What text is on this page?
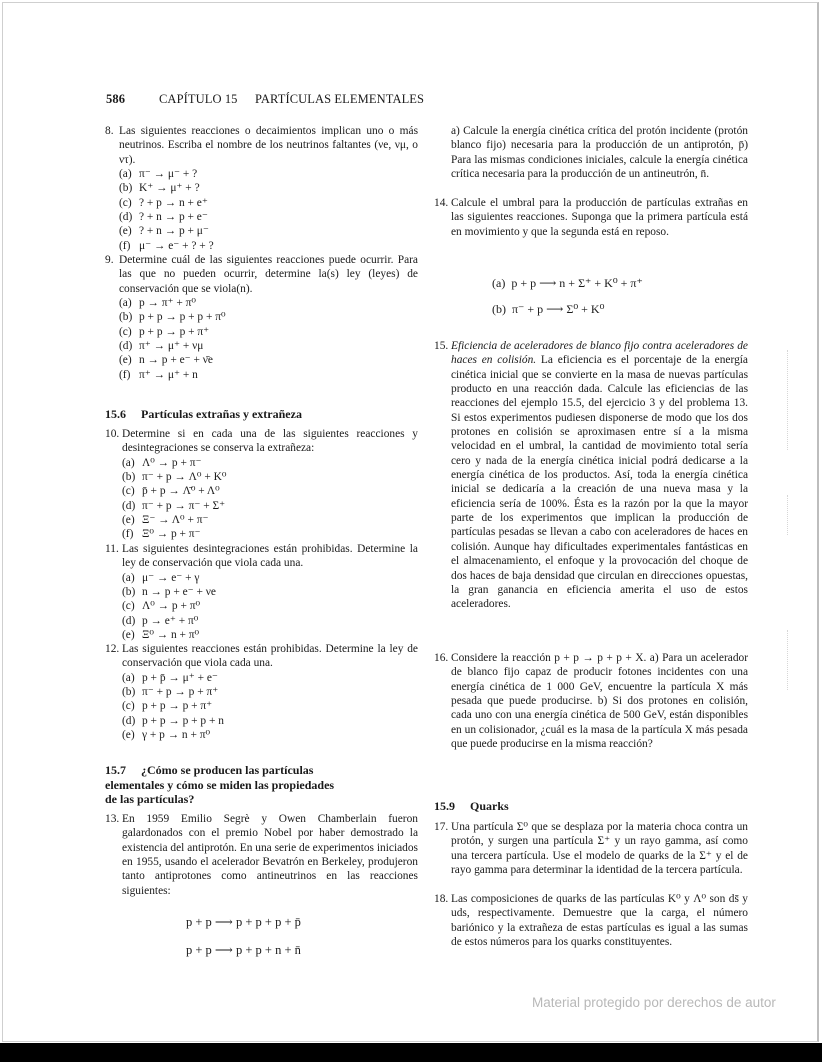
586	CAPÍTULO 15 PARTÍCULAS ELEMENTALES
8. Las siguientes reacciones o decaimientos implican uno o más neutrinos. Escriba el nombre de los neutrinos faltantes (νe, νμ, o ντ).
(a) π⁻ → μ⁻ + ?
(b) K⁺ → μ⁺ + ?
(c) ? + p → n + e⁺
(d) ? + n → p + e⁻
(e) ? + n → p + μ⁻
(f) μ⁻ → e⁻ + ? + ?
9. Determine cuál de las siguientes reacciones puede ocurrir. Para las que no pueden ocurrir, determine la(s) ley (leyes) de conservación que se viola(n).
(a) p → π⁺ + π⁰
(b) p + p → p + p + π⁰
(c) p + p → p + π⁺
(d) π⁺ → μ⁺ + νμ
(e) n → p + e⁻ + ν̄e
(f) π⁺ → μ⁺ + n
15.6 Partículas extrañas y extrañeza
10. Determine si en cada una de las siguientes reacciones y desintegraciones se conserva la extrañeza:
(a) Λ⁰ → p + π⁻
(b) π⁻ + p → Λ⁰ + K⁰
(c) p̄ + p → Λ̄⁰ + Λ⁰
(d) π⁻ + p → π⁻ + Σ⁺
(e) Ξ⁻ → Λ⁰ + π⁻
(f) Ξ⁰ → p + π⁻
11. Las siguientes desintegraciones están prohibidas. Determine la ley de conservación que viola cada una.
(a) μ⁻ → e⁻ + γ
(b) n → p + e⁻ + νe
(c) Λ⁰ → p + π⁰
(d) p → e⁺ + π⁰
(e) Ξ⁰ → n + π⁰
12. Las siguientes reacciones están prohibidas. Determine la ley de conservación que viola cada una.
(a) p + p̄ → μ⁺ + e⁻
(b) π⁻ + p → p + π⁺
(c) p + p → p + π⁺
(d) p + p → p + p + n
(e) γ + p → n + π⁰
15.7 ¿Cómo se producen las partículas
elementales y cómo se miden las propiedades
de las partículas?
13. En 1959 Emilio Segrè y Owen Chamberlain fueron galardonados con el premio Nobel por haber demostrado la existencia del antiprotón. En una serie de experimentos iniciados en 1955, usando el acelerador Bevatrón en Berkeley, produjeron tanto antiprotones como antineutrinos en las reacciones siguientes:
p + p ⟶ p + p + p + p̄
p + p ⟶ p + p + n + n̄
a) Calcule la energía cinética crítica del protón incidente (protón blanco fijo) necesaria para la producción de un antiprotón, p̄) Para las mismas condiciones iniciales, calcule la energía cinética crítica necesaria para la producción de un antineutrón, n̄.
14. Calcule el umbral para la producción de partículas extrañas en las siguientes reacciones. Suponga que la primera partícula está en movimiento y que la segunda está en reposo.
(a) p + p ⟶ n + Σ⁺ + K⁰ + π⁺
(b) π⁻ + p ⟶ Σ⁰ + K⁰
15. Eficiencia de aceleradores de blanco fijo contra aceleradores de haces en colisión. La eficiencia es el porcentaje de la energía cinética inicial que se convierte en la masa de nuevas partículas producto en una reacción dada. Calcule las eficiencias de las reacciones del ejemplo 15.5, del ejercicio 3 y del problema 13. Si estos experimentos pudiesen disponerse de modo que los dos protones en colisión se aproximasen entre sí a la misma velocidad en el umbral, la cantidad de movimiento total sería cero y nada de la energía cinética inicial podrá dedicarse a la energía cinética de los productos. Así, toda la energía cinética inicial se dedicaría a la creación de una nueva masa y la eficiencia sería de 100%. Ésta es la razón por la que la mayor parte de los experimentos que implican la producción de partículas pesadas se llevan a cabo con aceleradores de haces en colisión. Aunque hay dificultades experimentales fantásticas en el almacenamiento, el enfoque y la provocación del choque de dos haces de baja densidad que circulan en direcciones opuestas, la gran ganancia en eficiencia amerita el uso de estos aceleradores.
16. Considere la reacción p + p → p + p + X. a) Para un acelerador de blanco fijo capaz de producir fotones incidentes con una energía cinética de 1 000 GeV, encuentre la partícula X más pesada que puede producirse. b) Si dos protones en colisión, cada uno con una energía cinética de 500 GeV, están disponibles en un colisionador, ¿cuál es la masa de la partícula X más pesada que puede producirse en la misma reacción?
15.9 Quarks
17. Una partícula Σ⁰ que se desplaza por la materia choca contra un protón, y surgen una partícula Σ⁺ y un rayo gamma, así como una tercera partícula. Use el modelo de quarks de la Σ⁺ y el de rayo gamma para determinar la identidad de la tercera partícula.
18. Las composiciones de quarks de las partículas K⁰ y Λ⁰ son ds̄ y uds, respectivamente. Demuestre que la carga, el número bariónico y la extrañeza de estas partículas es igual a las sumas de estos números para los quarks constituyentes.
Material protegido por derechos de autor
